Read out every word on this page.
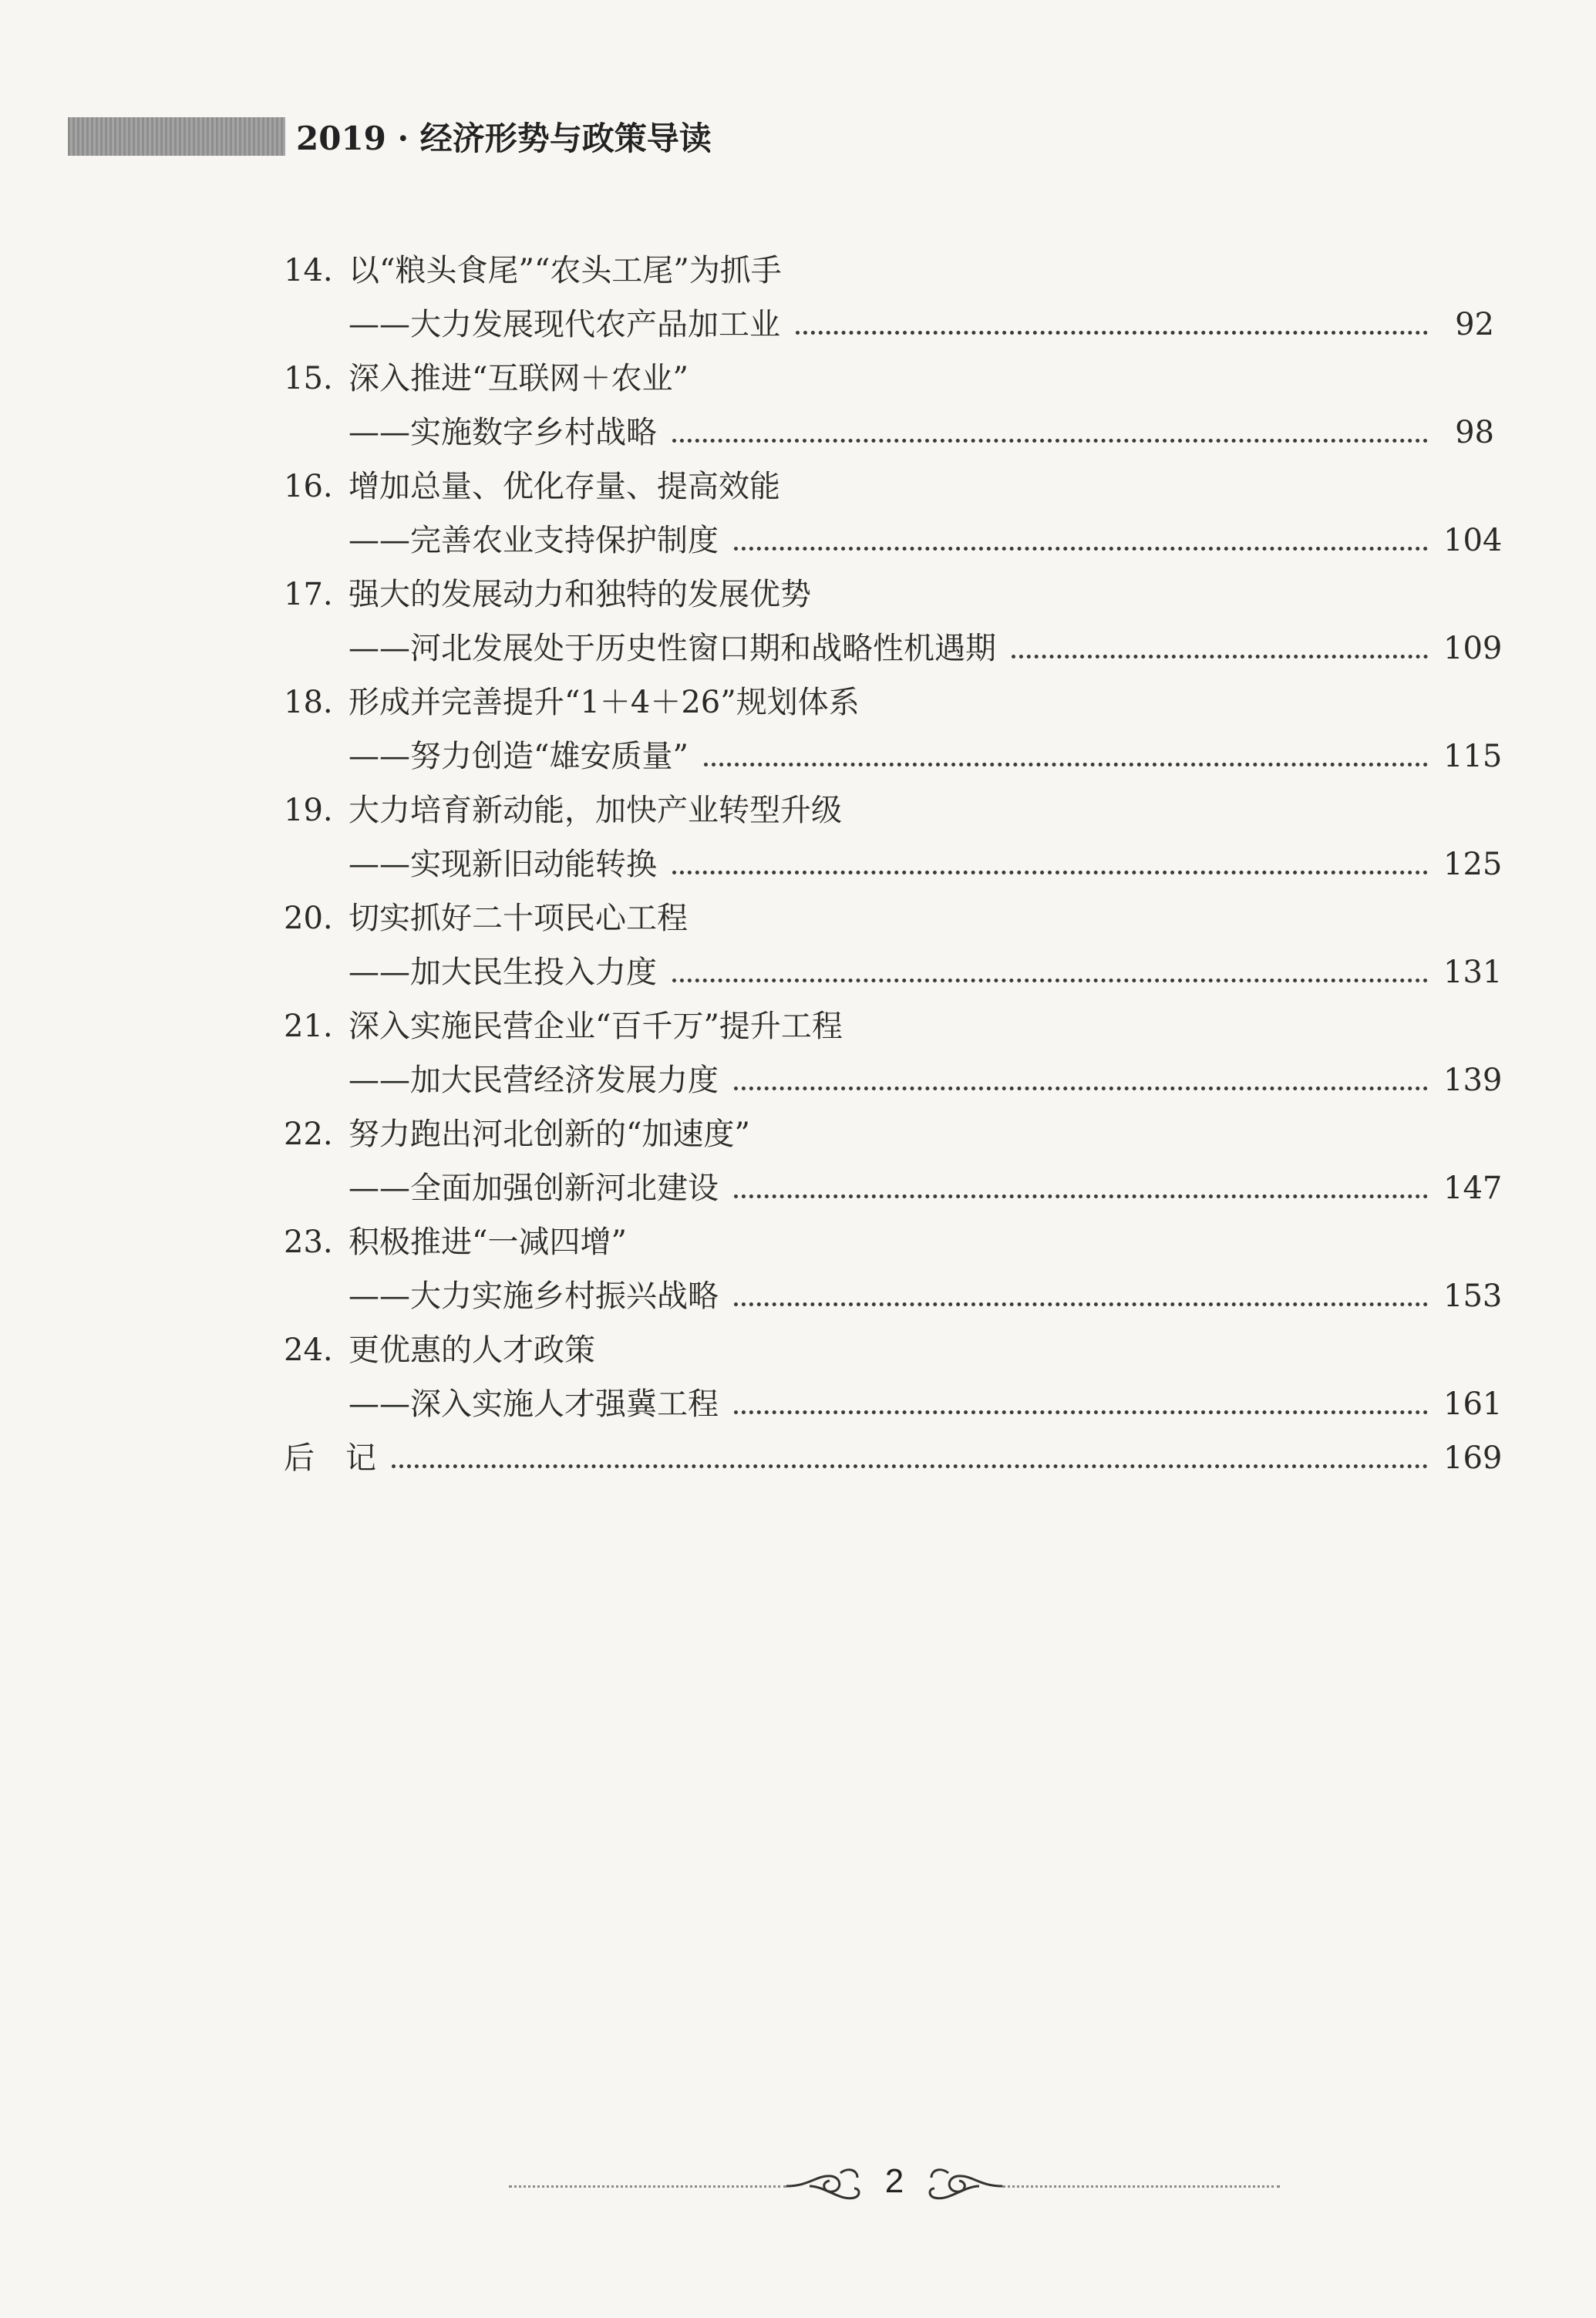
2019 · 经济形势与政策导读
14. 以“粮头食尾”“农头工尾”为抓手
——大力发展现代农产品加工业	92
15. 深入推进“互联网＋农业”
——实施数字乡村战略	98
16. 增加总量、优化存量、提高效能
——完善农业支持保护制度	104
17. 强大的发展动力和独特的发展优势
——河北发展处于历史性窗口期和战略性机遇期	109
18. 形成并完善提升“1＋4＋26”规划体系
——努力创造“雄安质量”	115
19. 大力培育新动能，加快产业转型升级
——实现新旧动能转换	125
20. 切实抓好二十项民心工程
——加大民生投入力度	131
21. 深入实施民营企业“百千万”提升工程
——加大民营经济发展力度	139
22. 努力跑出河北创新的“加速度”
——全面加强创新河北建设	147
23. 积极推进“一减四增”
——大力实施乡村振兴战略	153
24. 更优惠的人才政策
——深入实施人才强冀工程	161
后记	169
2
